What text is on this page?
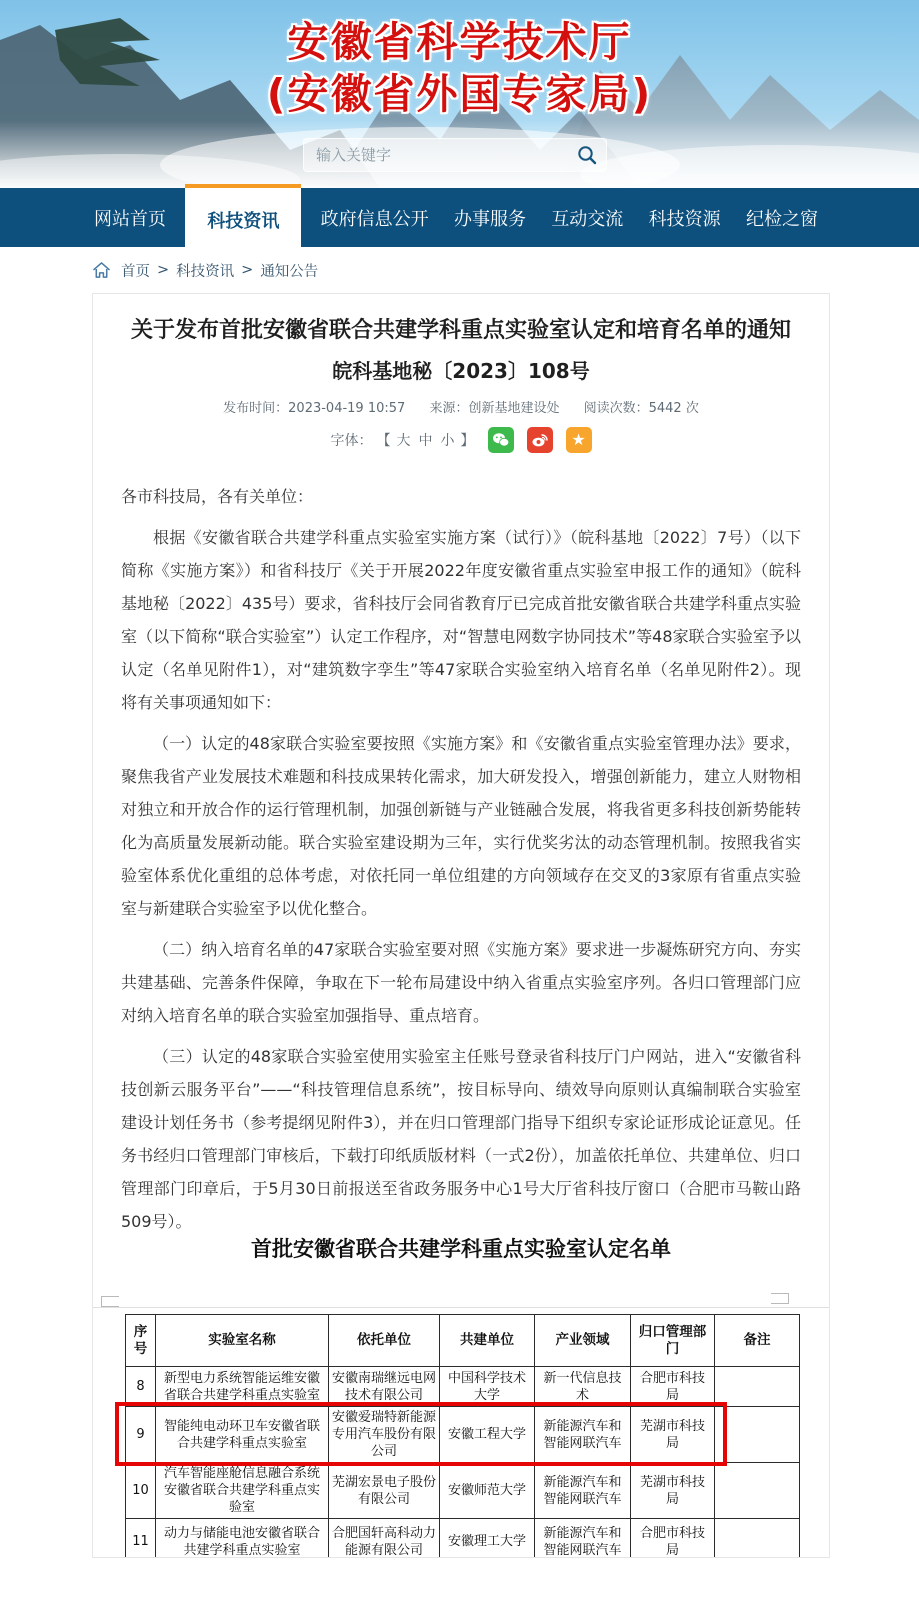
安徽省科学技术厅
(安徽省外国专家局)
输入关键字
网站首页	科技资讯	政府信息公开	办事服务	互动交流	科技资源	纪检之窗
首页 > 科技资讯 > 通知公告
关于发布首批安徽省联合共建学科重点实验室认定和培育名单的通知
皖科基地秘〔2023〕108号
发布时间：2023-04-19 10:57 来源：创新基地建设处 阅读次数：5442 次
字体： 【 大 中 小 】	★

各市科技局，各有关单位：

根据《安徽省联合共建学科重点实验室实施方案（试行）》（皖科基地〔2022〕7号）（以下简称《实施方案》）和省科技厅《关于开展2022年度安徽省重点实验室申报工作的通知》（皖科基地秘〔2022〕435号）要求，省科技厅会同省教育厅已完成首批安徽省联合共建学科重点实验室（以下简称“联合实验室”）认定工作程序，对“智慧电网数字协同技术”等48家联合实验室予以认定（名单见附件1），对“建筑数字孪生”等47家联合实验室纳入培育名单（名单见附件2）。现将有关事项通知如下：

（一）认定的48家联合实验室要按照《实施方案》和《安徽省重点实验室管理办法》要求，聚焦我省产业发展技术难题和科技成果转化需求，加大研发投入，增强创新能力，建立人财物相对独立和开放合作的运行管理机制，加强创新链与产业链融合发展，将我省更多科技创新势能转化为高质量发展新动能。联合实验室建设期为三年，实行优奖劣汰的动态管理机制。按照我省实验室体系优化重组的总体考虑，对依托同一单位组建的方向领域存在交叉的3家原有省重点实验室与新建联合实验室予以优化整合。

（二）纳入培育名单的47家联合实验室要对照《实施方案》要求进一步凝炼研究方向、夯实共建基础、完善条件保障，争取在下一轮布局建设中纳入省重点实验室序列。各归口管理部门应对纳入培育名单的联合实验室加强指导、重点培育。

（三）认定的48家联合实验室使用实验室主任账号登录省科技厅门户网站，进入“安徽省科技创新云服务平台”——“科技管理信息系统”，按目标导向、绩效导向原则认真编制联合实验室建设计划任务书（参考提纲见附件3），并在归口管理部门指导下组织专家论证形成论证意见。任务书经归口管理部门审核后，下载打印纸质版材料（一式2份），加盖依托单位、共建单位、归口管理部门印章后，于5月30日前报送至省政务服务中心1号大厅省科技厅窗口（合肥市马鞍山路509号）。

首批安徽省联合共建学科重点实验室认定名单
序号	实验室名称	依托单位	共建单位	产业领域	归口管理部门	备注
8	新型电力系统智能运维安徽省联合共建学科重点实验室	安徽南瑞继远电网技术有限公司	中国科学技术大学	新一代信息技术	合肥市科技局	
9	智能纯电动环卫车安徽省联合共建学科重点实验室	安徽爱瑞特新能源专用汽车股份有限公司	安徽工程大学	新能源汽车和智能网联汽车	芜湖市科技局	
10	汽车智能座舱信息融合系统安徽省联合共建学科重点实验室	芜湖宏景电子股份有限公司	安徽师范大学	新能源汽车和智能网联汽车	芜湖市科技局	
11	动力与储能电池安徽省联合共建学科重点实验室	合肥国轩高科动力能源有限公司	安徽理工大学	新能源汽车和智能网联汽车	合肥市科技局	
